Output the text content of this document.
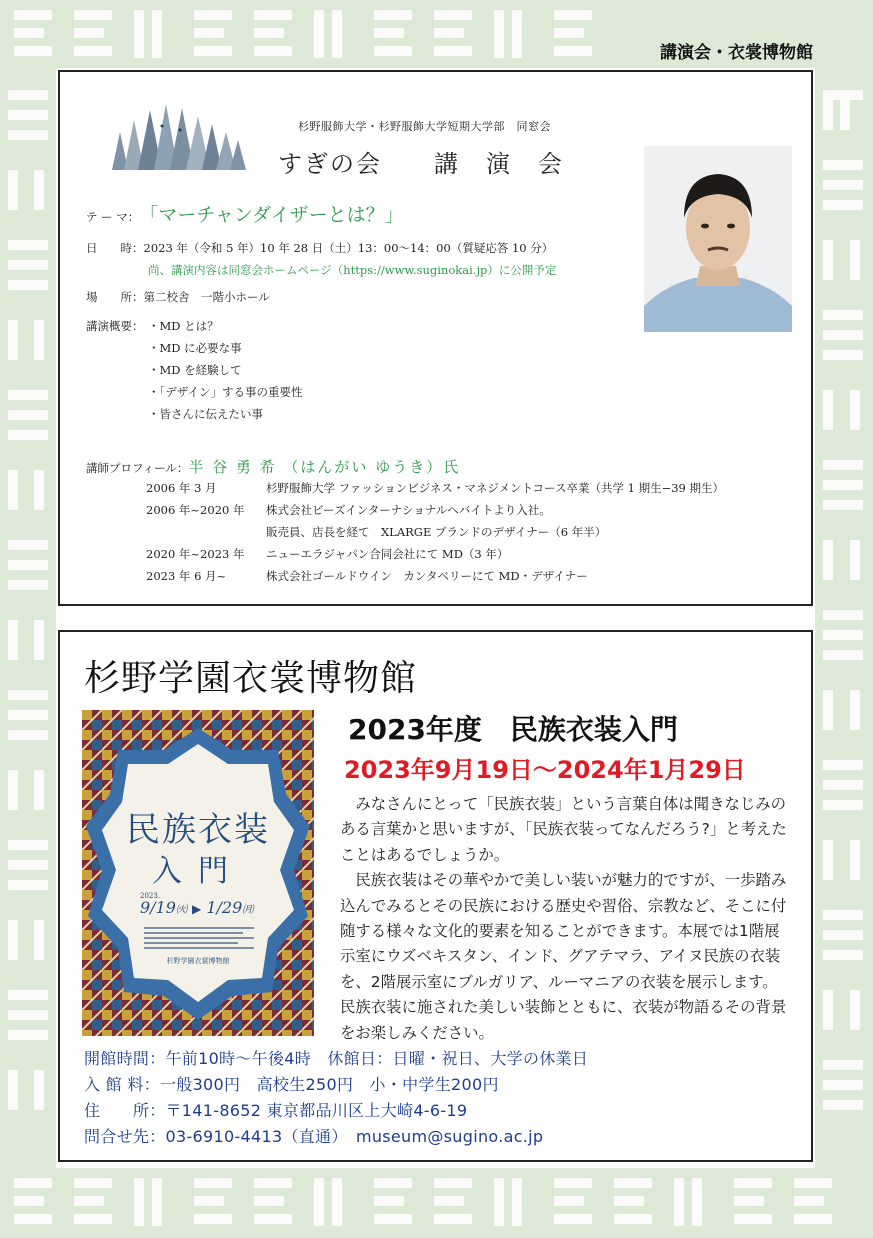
講演会・衣裳博物館
杉野服飾大学・杉野服飾大学短期大学部　同窓会
すぎの会　　講　演　会
テ ー マ：「マーチャンダイザーとは？」
日　　時：2023 年（令和 5 年）10 年 28 日（土）13：00～14：00（質疑応答 10 分）
尚、講演内容は同窓会ホームページ（https://www.suginokai.jp）に公開予定
場　　所：第二校舎　一階小ホール
講演概要： ・MD とは？
・MD に必要な事
・MD を経験して
・「デザイン」する事の重要性
・皆さんに伝えたい事
講師プロフィール：半 谷 勇 希 （はんがい ゆうき）氏
2006 年 3 月	杉野服飾大学 ファッションビジネス・マネジメントコース卒業（共学 1 期生−39 期生）
2006 年~2020 年 株式会社ビーズインターナショナルへバイトより入社。
販売員、店長を経て　XLARGE ブランドのデザイナー（6 年半）
2020 年~2023 年 ニューエラジャパン合同会社にて MD（3 年）
2023 年 6 月~	株式会社ゴールドウイン　カンタベリーにて MD・デザイナー
杉野学園衣裳博物館
民族衣装
入門
2023.
9/19㈫ ▶ 1/29㈪
杉野学園衣裳博物館
2023年度　民族衣装入門
2023年9月19日～2024年1月29日

みなさんにとって「民族衣装」という言葉自体は聞きなじみのある言葉かと思いますが、「民族衣装ってなんだろう?」と考えたことはあるでしょうか。

民族衣装はその華やかで美しい装いが魅力的ですが、一歩踏み込んでみるとその民族における歴史や習俗、宗教など、そこに付随する様々な文化的要素を知ることができます。本展では1階展示室にウズベキスタン、インド、グアテマラ、アイヌ民族の衣装を、2階展示室にブルガリア、ルーマニアの衣装を展示します。民族衣装に施された美しい装飾とともに、衣装が物語るその背景をお楽しみください。

開館時間：午前10時～午後4時　休館日：日曜・祝日、大学の休業日
入 館 料：一般300円　高校生250円　小・中学生200円
住　　所：〒141-8652 東京都品川区上大崎4-6-19
問合せ先：03-6910-4413（直通）　museum@sugino.ac.jp
